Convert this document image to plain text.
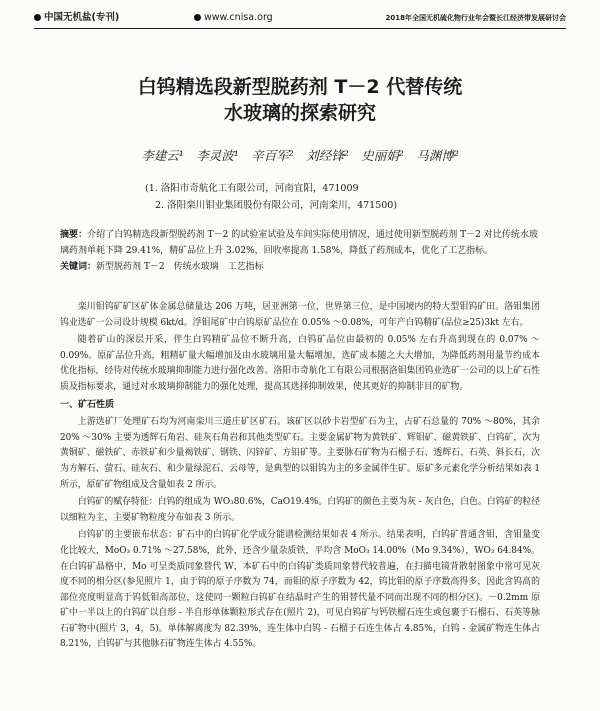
中国无机盐(专刊)	www.cnisa.org	2018年全国无机硫化物行业年会暨长江经济带发展研讨会
白钨精选段新型脱药剂 T－2 代替传统
水玻璃的探索研究
李建云¹　李灵波¹　辛百军²　刘经锋²　史丽娟²　马渊博²
(1. 洛阳市奇航化工有限公司，河南宜阳，471009
2. 洛阳栾川钼业集团股份有限公司，河南栾川，471500)
摘要：介绍了白钨精选段新型脱药剂 T－2 的试验室试验及车间实际使用情况，通过使用新型脱药剂 T－2 对比传统水玻璃药剂单耗下降 29.41%，精矿品位上升 3.02%，回收率提高 1.58%，降低了药剂成本，优化了工艺指标。
关键词：新型脱药剂 T－2　传统水玻璃　工艺指标

栾川钼钨矿矿区矿体金属总储量达 206 万吨，居亚洲第一位，世界第三位，是中国境内的特大型钼钨矿田。洛钼集团钨业选矿一公司设计规模 6kt/d。浮钼尾矿中白钨原矿品位在 0.05% ～0.08%，可年产白钨精矿(品位≥25)3kt 左右。

随着矿山的深层开采，伴生白钨精矿品位不断升高，白钨矿品位由最初的 0.05% 左右升高到现在的 0.07% ～0.09%。原矿品位升高，粗精矿量大幅增加及由水玻璃用量大幅增加，选矿成本随之大大增加，为降低药剂用量节约成本优化指标，经待对传统水玻璃抑制能力进行强化改善。洛阳市奇航化工有限公司根据洛钼集团钨业选矿一公司的以上矿石性质及指标要求，通过对水玻璃抑制能力的强化处理，提高其选择抑制效果，使其更好的抑制非目的矿物。

一、矿石性质

上游选矿厂处理矿石均为河南栾川三道庄矿区矿石。该矿区以砂卡岩型矿石为主，占矿石总量的 70% ～80%，其余 20% ～30% 主要为透辉石角岩、硅灰石角岩和其他类型矿石。主要金属矿物为黄铁矿、辉钼矿、磁黄铁矿、白钨矿，次为黄铜矿、磁铁矿、赤铁矿和少量褐铁矿、钢铁、闪锌矿、方铅矿等。主要脉石矿物为石榴子石、透辉石、石英、斜长石，次为方解石、萤石、硅灰石、和少量绿泥石、云母等，是典型的以钼钨为主的多金属伴生矿。原矿多元素化学分析结果如表 1 所示，原矿矿物组成及含量如表 2 所示。

白钨矿的赋存特征：白钨的组成为 WO₃80.6%，CaO19.4%。白钨矿的颜色主要为灰 - 灰白色，白色。白钨矿的粒径以细粒为主，主要矿物粒度分布如表 3 所示。

白钨矿的主要嵌布状态：矿石中的白钨矿化学成分能谱检测结果如表 4 所示。结果表明，白钨矿普通含钼，含钼量变化比较大，MoO₃ 0.71% ～27.58%，此外，还含少量杂质铁，平均含 MoO₃ 14.00%（Mo 9.34%），WO₃ 64.84%。在白钨矿晶格中，Mo 可呈类质同象替代 W，本矿石中的白钨矿类质同象替代较普遍，在扫描电镜背散射图象中常可见灰度不同的相分区(参见照片 1，由于钨的原子序数为 74，而钼的原子序数为 42，钨比钼的原子序数高得多，因此含钨高的部位亮度明显高于钨低钼高部位，这使同一颗粒白钨矿在结晶时产生的钼替代量不同而出现不同的相分区)。－0.2mm 原矿中一半以上的白钨矿以自形 - 半自形单体颗粒形式存在(照片 2)，可见白钨矿与钙铁榴石连生或包裹于石榴石、石英等脉石矿物中(照片 3，4，5)。单体解离度为 82.39%，连生体中白钨 - 石榴子石连生体占 4.85%，白钨 - 金属矿物连生体占 8.21%，白钨矿与其他脉石矿物连生体占 4.55%。
